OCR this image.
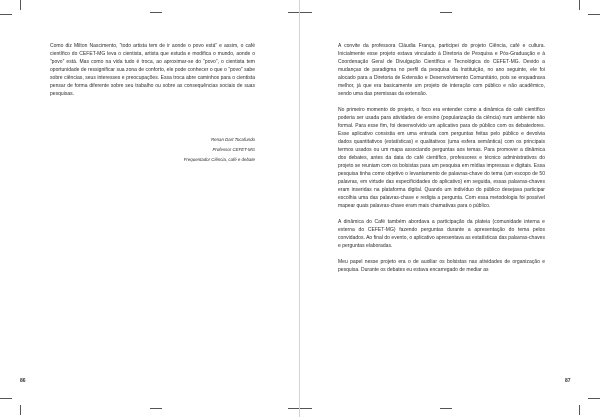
Como diz Milton Nascimento, “todo artista tem de ir aonde o povo está” e assim, o café científico do CEFET-MG leva o cientista, artista que estuda e modifica o mundo, aonde o “povo” está. Mas como na vida tudo é troca, ao aproximar-se do “povo”, o cientista tem oportunidade de ressignificar sua zona de conforto, ele pode conhecer o que o “povo” sabe sobre ciências, seus interesses e preocupações. Essa troca abre caminhos para o cientista pensar de forma diferente sobre seu trabalho ou sobre as consequências sociais de suas pesquisas.

Renan Dart Tocafundo
Professor CEFET-MG
Frequentador Ciência, café e debate
86

A convite da professora Cláudia França, participei do projeto Ciência, café e cultura. Inicialmente esse projeto estava vinculado à Diretoria de Pesquisa e Pós-Graduação e à Coordenação Geral de Divulgação Científica e Tecnológica do CEFET-MG. Devido a mudanças de paradigma no perfil da pesquisa da Instituição, no ano seguinte, ele foi alocado para a Diretoria de Extensão e Desenvolvimento Comunitário, pois se enquadrava melhor, já que era basicamente um projeto de interação com público e não acadêmico, sendo uma das premissas da extensão.

No primeiro momento do projeto, o foco era entender como a dinâmica do café científico poderia ser usada para atividades de ensino (popularização da ciência) num ambiente não formal. Para esse fim, foi desenvolvido um aplicativo para do público com os debatedores. Esse aplicativo consistia em uma entrada com perguntas feitas pelo público e devolvia dados quantitativos (estatísticas) e qualitativos (uma esfera semântica) com os principais termos usados ou um mapa associando perguntas aos temas. Para promover a dinâmica dos debates, antes da data do café científico, professores e técnico administrativos do projeto se reuniam com os bolsistas para um pesquisa em mídias impressas e digitais. Essa pesquisa tinha como objetivo o levantamento de palavras-chave do tema (um escopo de 50 palavras, em virtude das especificidades do aplicativo) em seguida, essas palavras-chaves eram inseridas na plataforma digital. Quando um indivíduo do público desejava participar escolhia uma das palavras-chave e redigia a pergunta. Com essa metodologia foi possível mapear quais palavras-chave eram mais chamativas para o público.

A dinâmica do Café também abordava a participação da plateia (comunidade interna e externa do CEFET-MG) fazendo perguntas durante a apresentação do tema pelos convidados. Ao final do evento, o aplicativo apresentava as estatísticas das palavras-chaves e perguntas elaboradas.

Meu papel nesse projeto era o de auxiliar os bolsistas nas atividades de organização e pesquisa. Durante os debates eu estava encarregado de mediar as

87
